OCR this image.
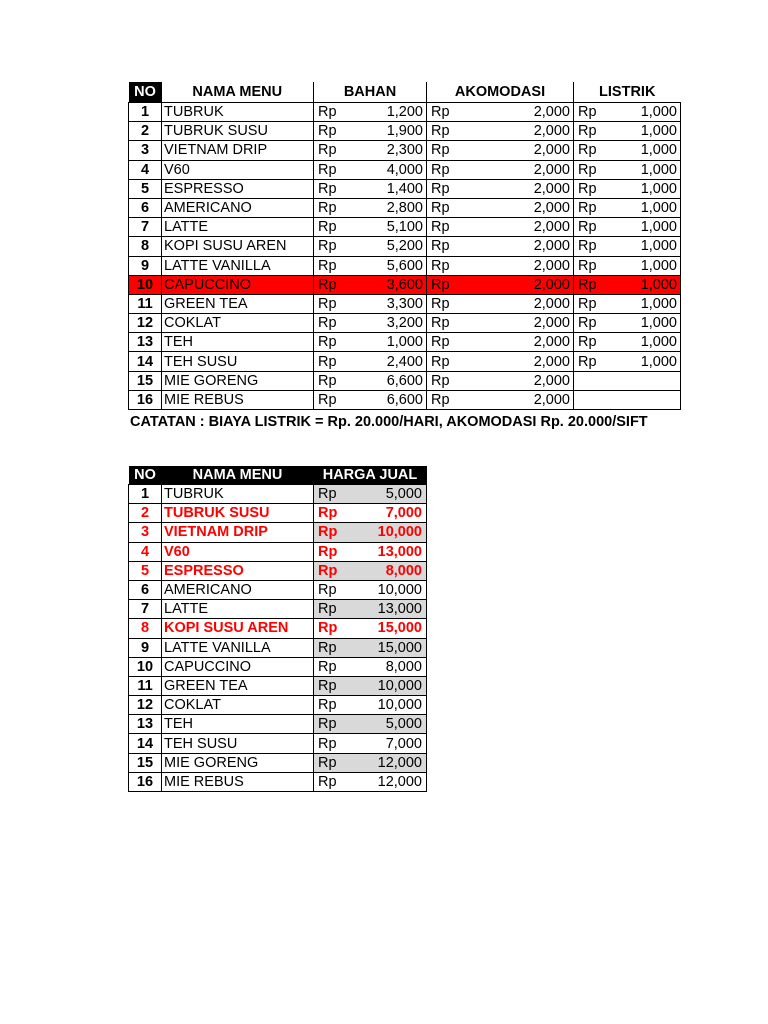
NO	NAMA MENU	BAHAN		AKOMODASI		LISTRIK	
1	TUBRUK	Rp	1,200	Rp	2,000	Rp	1,000
2	TUBRUK SUSU	Rp	1,900	Rp	2,000	Rp	1,000
3	VIETNAM DRIP	Rp	2,300	Rp	2,000	Rp	1,000
4	V60	Rp	4,000	Rp	2,000	Rp	1,000
5	ESPRESSO	Rp	1,400	Rp	2,000	Rp	1,000
6	AMERICANO	Rp	2,800	Rp	2,000	Rp	1,000
7	LATTE	Rp	5,100	Rp	2,000	Rp	1,000
8	KOPI SUSU AREN	Rp	5,200	Rp	2,000	Rp	1,000
9	LATTE VANILLA	Rp	5,600	Rp	2,000	Rp	1,000
10	CAPUCCINO	Rp	3,600	Rp	2,000	Rp	1,000
11	GREEN TEA	Rp	3,300	Rp	2,000	Rp	1,000
12	COKLAT	Rp	3,200	Rp	2,000	Rp	1,000
13	TEH	Rp	1,000	Rp	2,000	Rp	1,000
14	TEH SUSU	Rp	2,400	Rp	2,000	Rp	1,000
15	MIE GORENG	Rp	6,600	Rp	2,000		
16	MIE REBUS	Rp	6,600	Rp	2,000		
CATATAN : BIAYA LISTRIK = Rp. 20.000/HARI, AKOMODASI Rp. 20.000/SIFT
NO	NAMA MENU	HARGA JUAL	
1	TUBRUK	Rp	5,000
2	TUBRUK SUSU	Rp	7,000
3	VIETNAM DRIP	Rp	10,000
4	V60	Rp	13,000
5	ESPRESSO	Rp	8,000
6	AMERICANO	Rp	10,000
7	LATTE	Rp	13,000
8	KOPI SUSU AREN	Rp	15,000
9	LATTE VANILLA	Rp	15,000
10	CAPUCCINO	Rp	8,000
11	GREEN TEA	Rp	10,000
12	COKLAT	Rp	10,000
13	TEH	Rp	5,000
14	TEH SUSU	Rp	7,000
15	MIE GORENG	Rp	12,000
16	MIE REBUS	Rp	12,000
